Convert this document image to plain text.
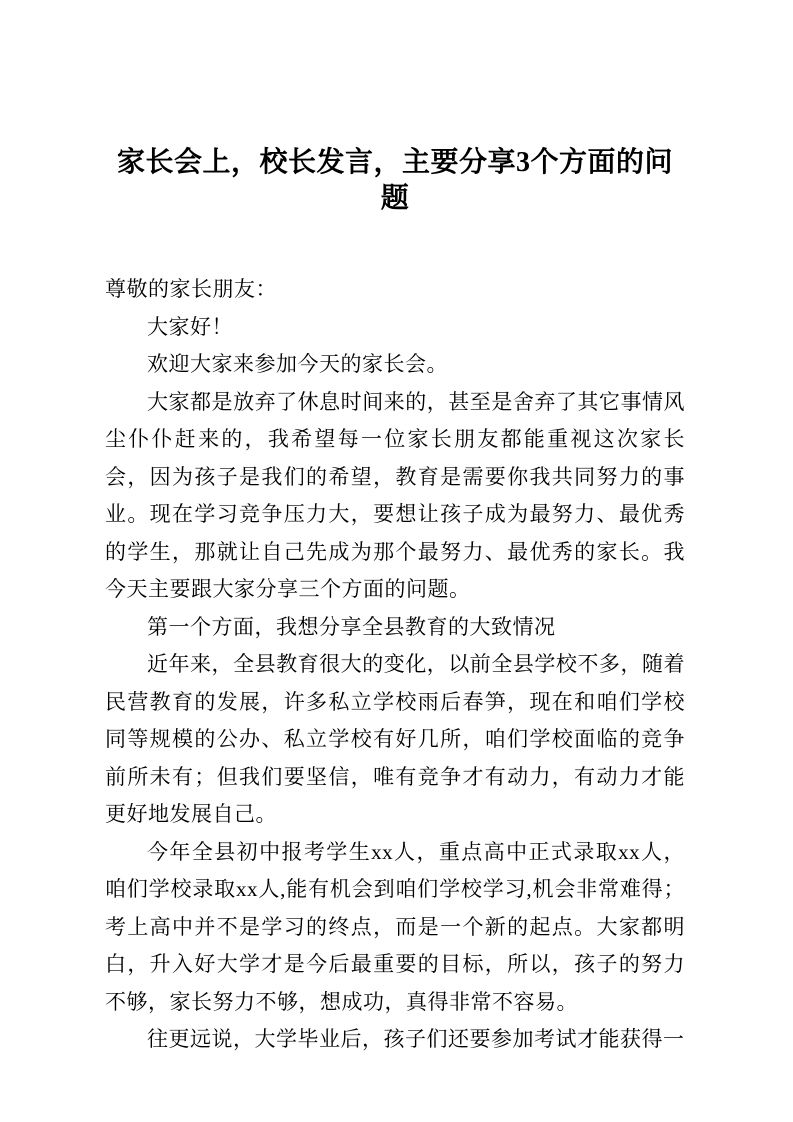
家长会上，校长发言，主要分享3个方面的问题

尊敬的家长朋友：

大家好！

欢迎大家来参加今天的家长会。

大家都是放弃了休息时间来的，甚至是舍弃了其它事情风尘仆仆赶来的，我希望每一位家长朋友都能重视这次家长会，因为孩子是我们的希望，教育是需要你我共同努力的事业。现在学习竞争压力大，要想让孩子成为最努力、最优秀的学生，那就让自己先成为那个最努力、最优秀的家长。我今天主要跟大家分享三个方面的问题。

第一个方面，我想分享全县教育的大致情况

近年来，全县教育很大的变化，以前全县学校不多，随着民营教育的发展，许多私立学校雨后春笋，现在和咱们学校同等规模的公办、私立学校有好几所，咱们学校面临的竞争前所未有；但我们要坚信，唯有竞争才有动力，有动力才能更好地发展自己。

今年全县初中报考学生xx人，重点高中正式录取xx人，咱们学校录取xx人,能有机会到咱们学校学习,机会非常难得；考上高中并不是学习的终点，而是一个新的起点。大家都明白，升入好大学才是今后最重要的目标，所以，孩子的努力不够，家长努力不够，想成功，真得非常不容易。

往更远说，大学毕业后，孩子们还要参加考试才能获得一
